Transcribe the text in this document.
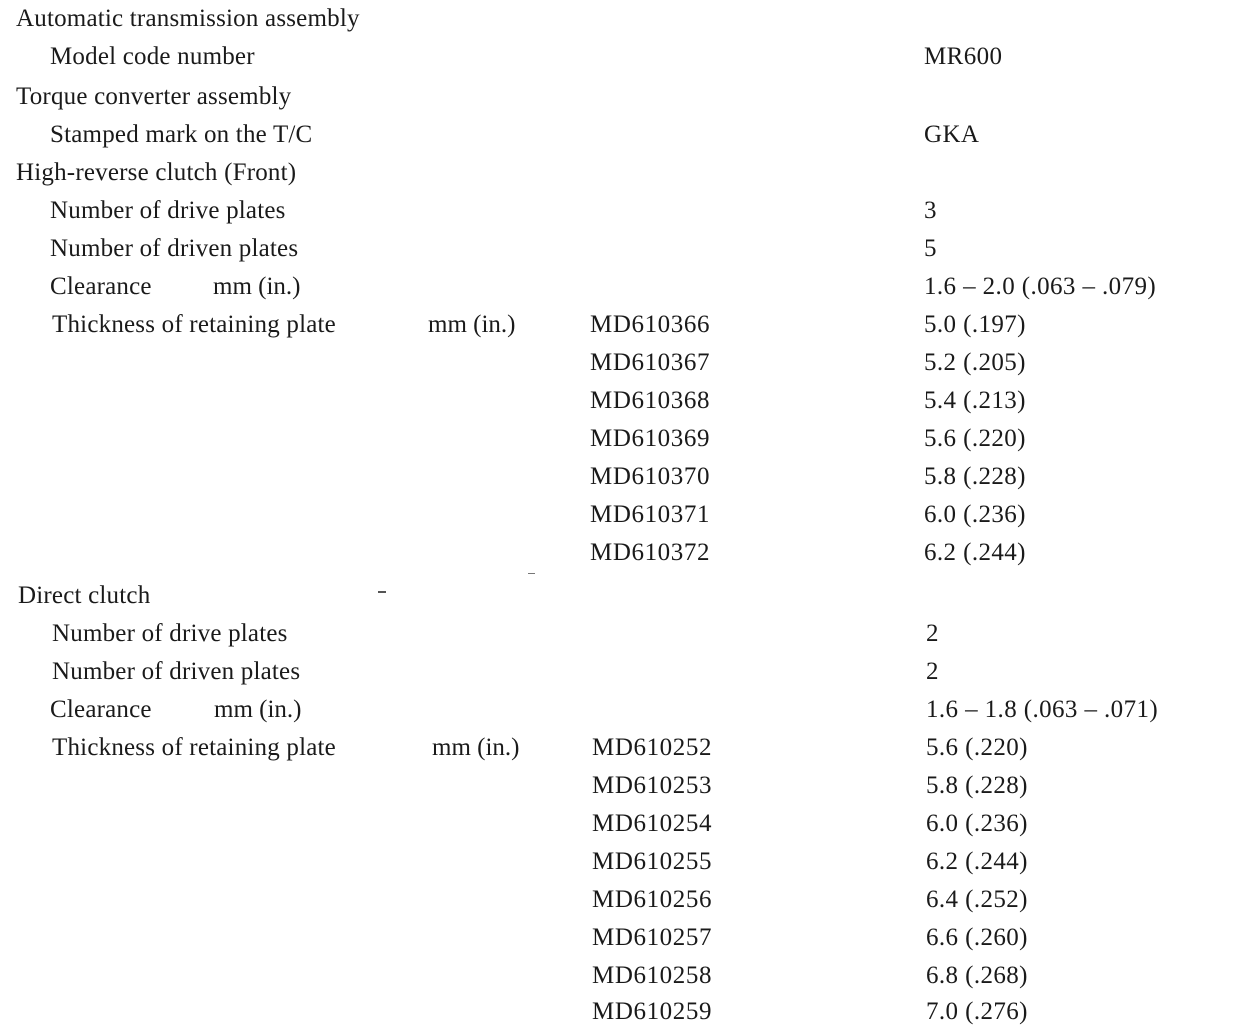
Automatic transmission assembly
Model code number	MR600
Torque converter assembly
Stamped mark on the T/C	GKA
High-reverse clutch (Front)
Number of drive plates	3
Number of driven plates	5
Clearance mm (in.)	1.6 – 2.0 (.063 – .079)
Thickness of retaining plate	mm (in.)	MD610366	5.0 (.197)
MD610367	5.2 (.205)
MD610368	5.4 (.213)
MD610369	5.6 (.220)
MD610370	5.8 (.228)
MD610371	6.0 (.236)
MD610372	6.2 (.244)
Direct clutch
Number of drive plates	2
Number of driven plates	2
Clearance mm (in.)	1.6 – 1.8 (.063 – .071)
Thickness of retaining plate	mm (in.)	MD610252	5.6 (.220)
MD610253	5.8 (.228)
MD610254	6.0 (.236)
MD610255	6.2 (.244)
MD610256	6.4 (.252)
MD610257	6.6 (.260)
MD610258	6.8 (.268)
MD610259	7.0 (.276)
